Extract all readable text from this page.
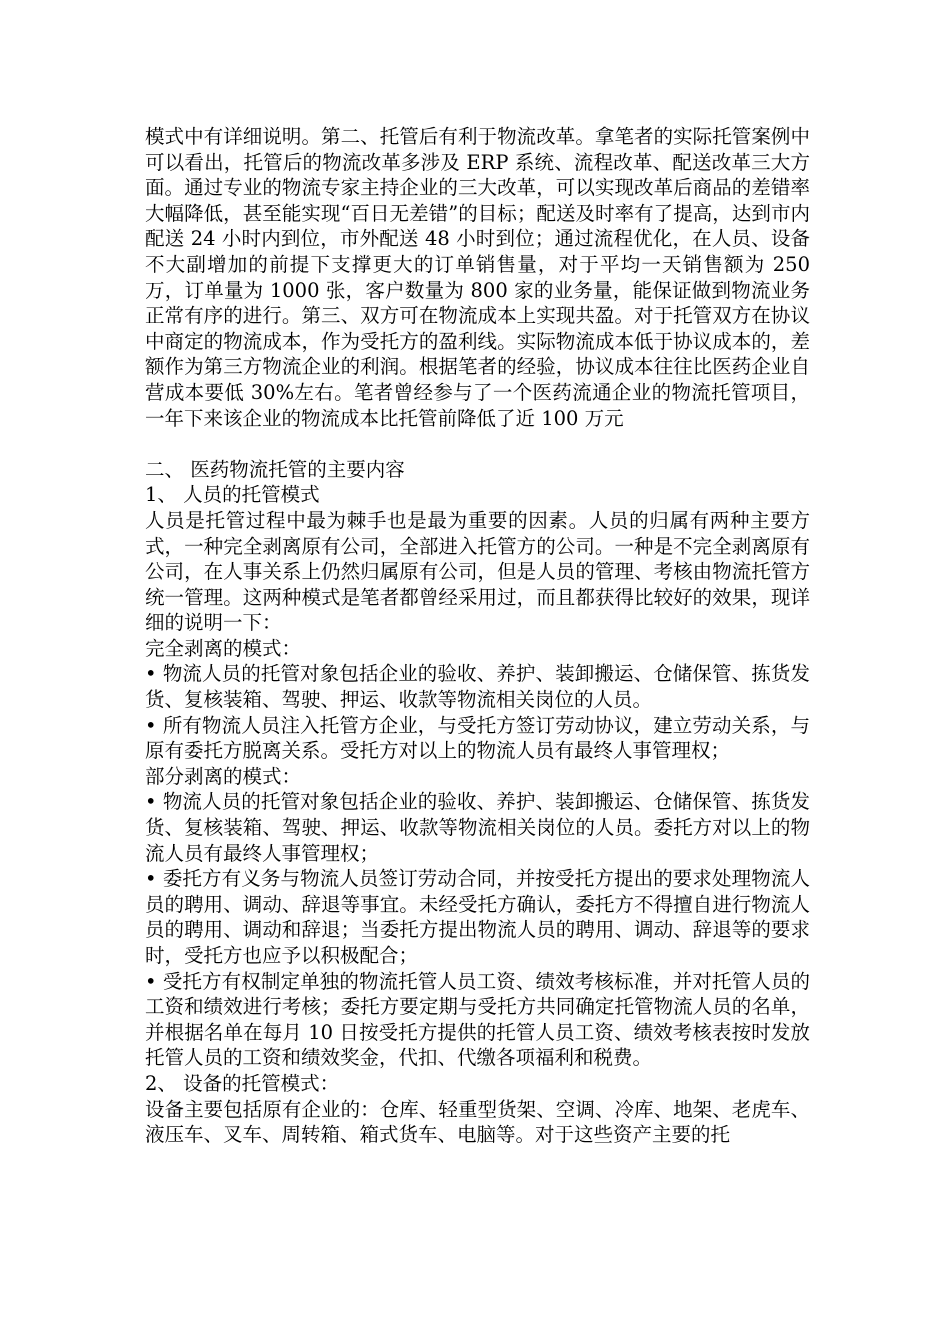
模式中有详细说明。第二、托管后有利于物流改革。拿笔者的实际托管案例中可以看出，托管后的物流改革多涉及 ERP 系统、流程改革、配送改革三大方面。通过专业的物流专家主持企业的三大改革，可以实现改革后商品的差错率大幅降低，甚至能实现“百日无差错”的目标；配送及时率有了提高，达到市内配送 24 小时内到位，市外配送 48 小时到位；通过流程优化，在人员、设备不大副增加的前提下支撑更大的订单销售量，对于平均一天销售额为 250 万，订单量为 1000 张，客户数量为 800 家的业务量，能保证做到物流业务正常有序的进行。第三、双方可在物流成本上实现共盈。对于托管双方在协议中商定的物流成本，作为受托方的盈利线。实际物流成本低于协议成本的，差额作为第三方物流企业的利润。根据笔者的经验，协议成本往往比医药企业自营成本要低 30%左右。笔者曾经参与了一个医药流通企业的物流托管项目，一年下来该企业的物流成本比托管前降低了近 100 万元

二、 医药物流托管的主要内容

1、 人员的托管模式

人员是托管过程中最为棘手也是最为重要的因素。人员的归属有两种主要方式，一种完全剥离原有公司，全部进入托管方的公司。一种是不完全剥离原有公司，在人事关系上仍然归属原有公司，但是人员的管理、考核由物流托管方统一管理。这两种模式是笔者都曾经采用过，而且都获得比较好的效果，现详细的说明一下：

完全剥离的模式：

• 物流人员的托管对象包括企业的验收、养护、装卸搬运、仓储保管、拣货发货、复核装箱、驾驶、押运、收款等物流相关岗位的人员。

• 所有物流人员注入托管方企业，与受托方签订劳动协议，建立劳动关系，与原有委托方脱离关系。受托方对以上的物流人员有最终人事管理权；

部分剥离的模式：

• 物流人员的托管对象包括企业的验收、养护、装卸搬运、仓储保管、拣货发货、复核装箱、驾驶、押运、收款等物流相关岗位的人员。委托方对以上的物流人员有最终人事管理权；

• 委托方有义务与物流人员签订劳动合同，并按受托方提出的要求处理物流人员的聘用、调动、辞退等事宜。未经受托方确认，委托方不得擅自进行物流人员的聘用、调动和辞退；当委托方提出物流人员的聘用、调动、辞退等的要求时，受托方也应予以积极配合；

• 受托方有权制定单独的物流托管人员工资、绩效考核标准，并对托管人员的工资和绩效进行考核；委托方要定期与受托方共同确定托管物流人员的名单，并根据名单在每月 10 日按受托方提供的托管人员工资、绩效考核表按时发放托管人员的工资和绩效奖金，代扣、代缴各项福利和税费。

2、 设备的托管模式：

设备主要包括原有企业的：仓库、轻重型货架、空调、冷库、地架、老虎车、液压车、叉车、周转箱、箱式货车、电脑等。对于这些资产主要的托
